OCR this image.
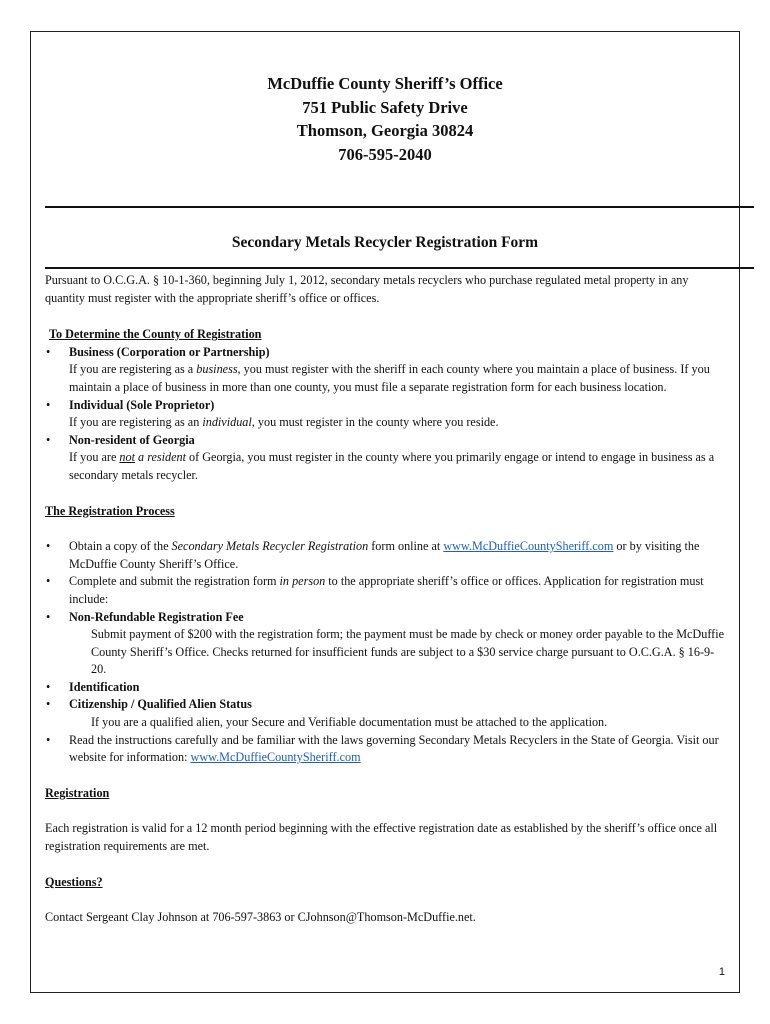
McDuffie County Sheriff’s Office
751 Public Safety Drive
Thomson, Georgia 30824
706-595-2040
Secondary Metals Recycler Registration Form

Pursuant to O.C.G.A. § 10-1-360, beginning July 1, 2012, secondary metals recyclers who purchase regulated metal property in any quantity must register with the appropriate sheriff’s office or offices.

To Determine the County of Registration

• Business (Corporation or Partnership)
If you are registering as a business, you must register with the sheriff in each county where you maintain a place of business. If you maintain a place of business in more than one county, you must file a separate registration form for each business location.
• Individual (Sole Proprietor)
If you are registering as an individual, you must register in the county where you reside.
• Non-resident of Georgia
If you are not a resident of Georgia, you must register in the county where you primarily engage or intend to engage in business as a secondary metals recycler.

The Registration Process

• Obtain a copy of the Secondary Metals Recycler Registration form online at www.McDuffieCountySheriff.com or by visiting the McDuffie County Sheriff’s Office.
• Complete and submit the registration form in person to the appropriate sheriff’s office or offices. Application for registration must include:
• Non-Refundable Registration Fee
Submit payment of $200 with the registration form; the payment must be made by check or money order payable to the McDuffie County Sheriff’s Office. Checks returned for insufficient funds are subject to a $30 service charge pursuant to O.C.G.A. § 16-9-20.
• Identification
• Citizenship / Qualified Alien Status
If you are a qualified alien, your Secure and Verifiable documentation must be attached to the application.
• Read the instructions carefully and be familiar with the laws governing Secondary Metals Recyclers in the State of Georgia. Visit our website for information: www.McDuffieCountySheriff.com

Registration

Each registration is valid for a 12 month period beginning with the effective registration date as established by the sheriff’s office once all registration requirements are met.

Questions?

Contact Sergeant Clay Johnson at 706-597-3863 or CJohnson@Thomson-McDuffie.net.

1
